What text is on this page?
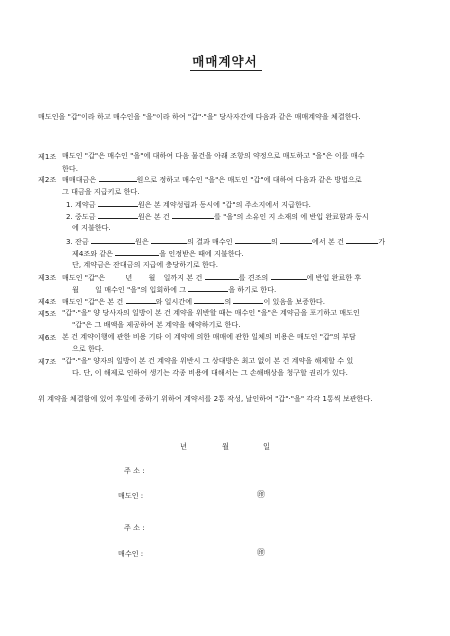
매매계약서
매도인을 "갑"이라 하고 매수인을 "을"이라 하여 "갑"·"을" 당사자간에 다음과 같은 매매계약을 체결한다.
제1조 매도인 "갑"은 매수인 "을"에 대하여 다음 물건을 아래 조항의 약정으로 매도하고 "을"은 이를 매수
한다.
제2조 매매대금은	원으로 정하고 매수인 "을"은 매도인 "갑"에 대하여 다음과 같은 방법으로
그 대금을 지급키로 한다.
1. 계약금	원은 본 계약성립과 동시에 "갑"의 주소지에서 지급한다.
2. 중도금	원은 본 건	를 "을"의 소유인 지 소재의 에 반입 완료함과 동시
에 지불한다.
3. 잔금	원은	의 결과 매수인	의	에서 본 건	가
제4조와 같은	을 인정받은 때에 지불한다.
단, 계약금은 잔대금의 지급에 충당하기로 한다.
제3조 매도인 "갑"은	년 월 일까지 본 건	를 견조의	에 반입 완료한 후
월 일 매수인 "을"의 입회하에 그	을 하기로 한다.
제4조 매도인 "갑"은 본 건	와 일시간에	의	이 있음을 보증한다.
제5조 "갑"·"을" 양 당사자의 일방이 본 건 계약을 위반할 때는 매수인 "을"은 계약금을 포기하고 매도인
"갑"은 그 배액을 제공하여 본 계약을 해약하기로 한다.
제6조 본 건 계약이행에 관한 비용 기타 이 계약에 의한 매매에 관한 일체의 비용은 매도인 "갑"의 부담
으로 한다.
제7조 "갑"·"을" 양자의 일방이 본 건 계약을 위반시 그 상대방은 최고 없이 본 건 계약을 해제할 수 있
다. 단, 이 해제로 인하여 생기는 각종 비용에 대해서는 그 손해배상을 청구할 권리가 있다.
위 계약을 체결함에 있어 후일에 증하기 위하여 계약서를 2통 작성, 날인하여 "갑"·"을" 각각 1통씩 보관한다.
년	월	일
주 소 :
매도인 :	㊞
주 소 :
매수인 :	㊞
